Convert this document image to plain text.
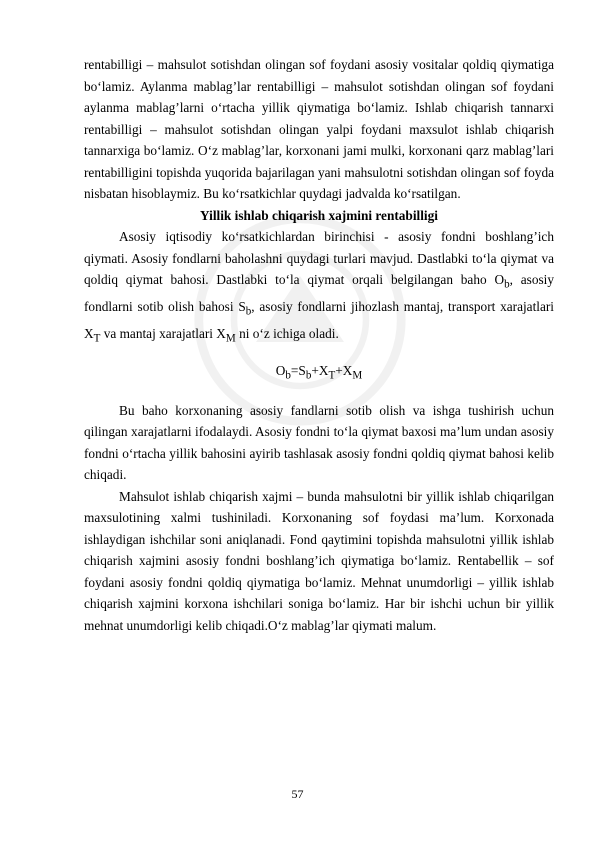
rentabilligi – mahsulot sotishdan olingan sof foydani asosiy vositalar qoldiq qiymatiga bo‘lamiz. Aylanma mablag’lar rentabilligi – mahsulot sotishdan olingan sof foydani aylanma mablag’larni o‘rtacha yillik qiymatiga bo‘lamiz. Ishlab chiqarish tannarxi rentabilligi – mahsulot sotishdan olingan yalpi foydani maxsulot ishlab chiqarish tannarxiga bo‘lamiz. O‘z mablag’lar, korxonani jami mulki, korxonani qarz mablag’lari rentabilligini topishda yuqorida bajarilagan yani mahsulotni sotishdan olingan sof foyda nisbatan hisoblaymiz. Bu ko‘rsatkichlar quydagi jadvalda ko‘rsatilgan.

Yillik ishlab chiqarish xajmini rentabilligi

Asosiy iqtisodiy ko‘rsatkichlardan birinchisi - asosiy fondni boshlang’ich qiymati. Asosiy fondlarni baholashni quydagi turlari mavjud. Dastlabki to‘la qiymat va qoldiq qiymat bahosi. Dastlabki to‘la qiymat orqali belgilangan baho $O_b$, asosiy fondlarni sotib olish bahosi $S_b$, asosiy fondlarni jihozlash mantaj, transport xarajatlari $X_T$ va mantaj xarajatlari $X_M$ ni o‘z ichiga oladi.

$O_b=S_b+X_T+X_M$

Bu baho korxonaning asosiy fandlarni sotib olish va ishga tushirish uchun qilingan xarajatlarni ifodalaydi. Asosiy fondni to‘la qiymat baxosi ma’lum undan asosiy fondni o‘rtacha yillik bahosini ayirib tashlasak asosiy fondni qoldiq qiymat bahosi kelib chiqadi.

Mahsulot ishlab chiqarish xajmi – bunda mahsulotni bir yillik ishlab chiqarilgan maxsulotining xalmi tushiniladi. Korxonaning sof foydasi ma’lum. Korxonada ishlaydigan ishchilar soni aniqlanadi. Fond qaytimini topishda mahsulotni yillik ishlab chiqarish xajmini asosiy fondni boshlang’ich qiymatiga bo‘lamiz. Rentabellik – sof foydani asosiy fondni qoldiq qiymatiga bo‘lamiz. Mehnat unumdorligi – yillik ishlab chiqarish xajmini korxona ishchilari soniga bo‘lamiz. Har bir ishchi uchun bir yillik mehnat unumdorligi kelib chiqadi.O‘z mablag’lar qiymati malum.

57
